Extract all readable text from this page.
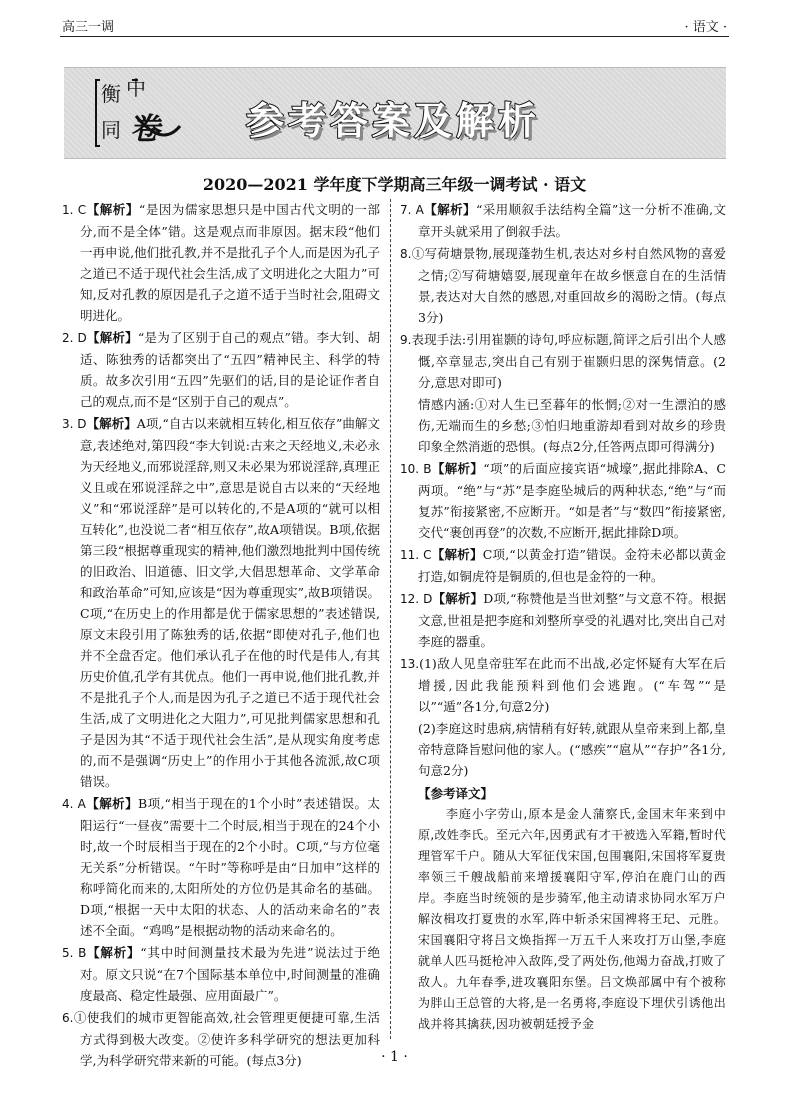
高三一调	· 语文 ·
衡 中
同 卷 参考答案及解析
2020—2021 学年度下学期高三年级一调考试 · 语文

1. C【解析】“是因为儒家思想只是中国古代文明的一部分,而不是全体”错。这是观点而非原因。据末段“他们一再申说,他们批孔教,并不是批孔子个人,而是因为孔子之道已不适于现代社会生活,成了文明进化之大阻力”可知,反对孔教的原因是孔子之道不适于当时社会,阻碍文明进化。

2. D【解析】“是为了区别于自己的观点”错。李大钊、胡适、陈独秀的话都突出了“五四”精神民主、科学的特质。故多次引用“五四”先驱们的话,目的是论证作者自己的观点,而不是“区别于自己的观点”。

3. D【解析】A项,“自古以来就相互转化,相互依存”曲解文意,表述绝对,第四段“李大钊说:古来之天经地义,未必永为天经地义,而邪说淫辞,则又未必果为邪说淫辞,真理正义且或在邪说淫辞之中”,意思是说自古以来的“天经地义”和“邪说淫辞”是可以转化的,不是A项的“就可以相互转化”,也没说二者“相互依存”,故A项错误。B项,依据第三段“根据尊重现实的精神,他们激烈地批判中国传统的旧政治、旧道德、旧文学,大倡思想革命、文学革命和政治革命”可知,应该是“因为尊重现实”,故B项错误。C项,“在历史上的作用都是优于儒家思想的”表述错误,原文末段引用了陈独秀的话,依据“即使对孔子,他们也并不全盘否定。他们承认孔子在他的时代是伟人,有其历史价值,孔学有其优点。他们一再申说,他们批孔教,并不是批孔子个人,而是因为孔子之道已不适于现代社会生活,成了文明进化之大阻力”,可见批判儒家思想和孔子是因为其“不适于现代社会生活”,是从现实角度考虑的,而不是强调“历史上”的作用小于其他各流派,故C项错误。

4. A【解析】B项,“相当于现在的1个小时”表述错误。太阳运行“一昼夜”需要十二个时辰,相当于现在的24个小时,故一个时辰相当于现在的2个小时。C项,“与方位毫无关系”分析错误。“午时”等称呼是由“日加申”这样的称呼简化而来的,太阳所处的方位仍是其命名的基础。D项,“根据一天中太阳的状态、人的活动来命名的”表述不全面。“鸡鸣”是根据动物的活动来命名的。

5. B【解析】“其中时间测量技术最为先进”说法过于绝对。原文只说“在7个国际基本单位中,时间测量的准确度最高、稳定性最强、应用面最广”。

6.①使我们的城市更智能高效,社会管理更便捷可靠,生活方式得到极大改变。②使许多科学研究的想法更加科学,为科学研究带来新的可能。(每点3分)

7. A【解析】“采用顺叙手法结构全篇”这一分析不准确,文章开头就采用了倒叙手法。

8.①写荷塘景物,展现蓬勃生机,表达对乡村自然风物的喜爱之情;②写荷塘嬉耍,展现童年在故乡惬意自在的生活情景,表达对大自然的感恩,对重回故乡的渴盼之情。(每点3分)

9.表现手法:引用崔颢的诗句,呼应标题,简评之后引出个人感慨,卒章显志,突出自己有别于崔颢归思的深隽情意。(2分,意思对即可)

情感内涵:①对人生已至暮年的怅惘;②对一生漂泊的感伤,无端而生的乡愁;③怕归地重游却看到对故乡的珍贵印象全然消逝的恐惧。(每点2分,任答两点即可得满分)

10. B【解析】“项”的后面应接宾语“城壕”,据此排除A、C两项。“绝”与“苏”是李庭坠城后的两种状态,“绝”与“而复苏”衔接紧密,不应断开。“如是者”与“数四”衔接紧密,交代“裹创再登”的次数,不应断开,据此排除D项。

11. C【解析】C项,“以黄金打造”错误。金符未必都以黄金打造,如铜虎符是铜质的,但也是金符的一种。

12. D【解析】D项,“称赞他是当世刘整”与文意不符。根据文意,世祖是把李庭和刘整所享受的礼遇对比,突出自己对李庭的器重。

13.(1)敌人见皇帝驻军在此而不出战,必定怀疑有大军在后增援,因此我能预料到他们会逃跑。(“车驾”“是以”“遁”各1分,句意2分)

(2)李庭这时患病,病情稍有好转,就跟从皇帝来到上都,皇帝特意降旨慰问他的家人。(“感疾”“扈从”“存护”各1分,句意2分)

【参考译文】
李庭小字劳山,原本是金人蒲察氏,金国末年来到中原,改姓李氏。至元六年,因勇武有才干被选入军籍,暂时代理管军千户。随从大军征伐宋国,包围襄阳,宋国将军夏贵率领三千艘战船前来增援襄阳守军,停泊在鹿门山的西岸。李庭当时统领的是步骑军,他主动请求协同水军万户解汝楫攻打夏贵的水军,阵中斩杀宋国裨将王玘、元胜。宋国襄阳守将吕文焕指挥一万五千人来攻打万山堡,李庭就单人匹马挺枪冲入敌阵,受了两处伤,他竭力奋战,打败了敌人。九年春季,进攻襄阳东堡。吕文焕部属中有个被称为胖山王总管的大将,是一名勇将,李庭设下埋伏引诱他出战并将其擒获,因功被朝廷授予金
· 1 ·
